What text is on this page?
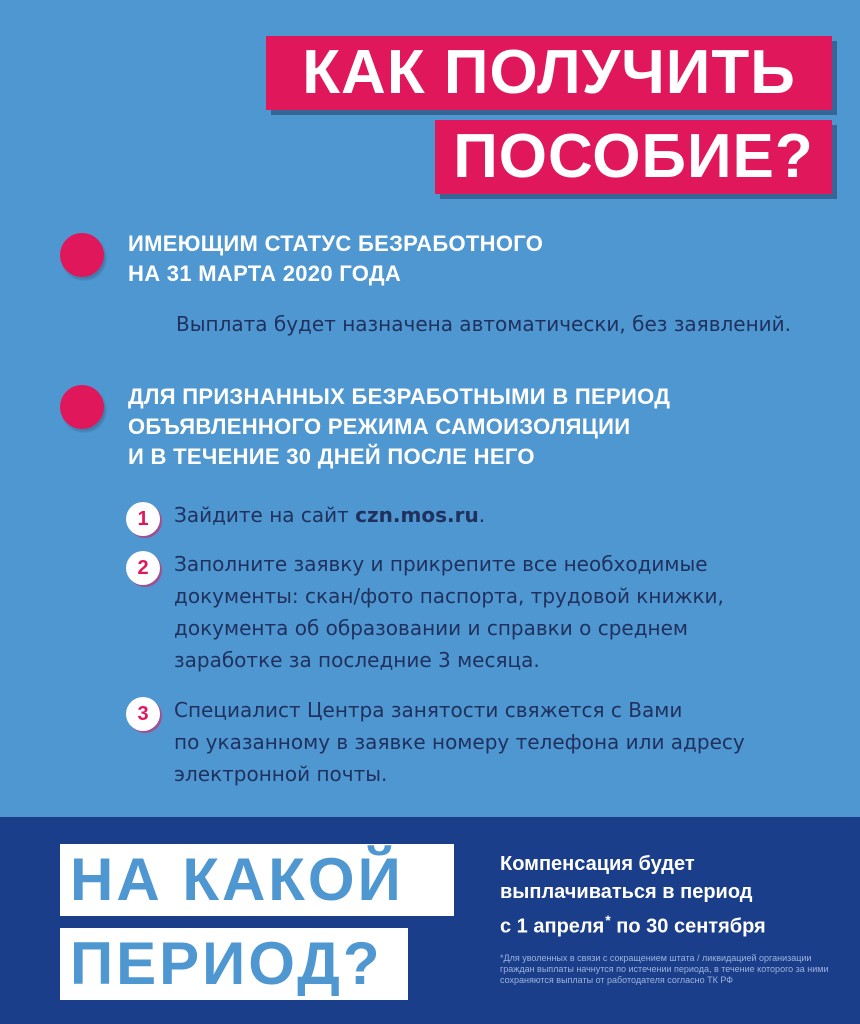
КАК ПОЛУЧИТЬ
ПОСОБИЕ?
ИМЕЮЩИМ СТАТУС БЕЗРАБОТНОГО
НА 31 МАРТА 2020 ГОДА
Выплата будет назначена автоматически, без заявлений.
ДЛЯ ПРИЗНАННЫХ БЕЗРАБОТНЫМИ В ПЕРИОД
ОБЪЯВЛЕННОГО РЕЖИМА САМОИЗОЛЯЦИИ
И В ТЕЧЕНИЕ 30 ДНЕЙ ПОСЛЕ НЕГО
1	Зайдите на сайт czn.mos.ru.
2	Заполните заявку и прикрепите все необходимые
документы: скан/фото паспорта, трудовой книжки,
документа об образовании и справки о среднем
заработке за последние 3 месяца.
3	Специалист Центра занятости свяжется с Вами
по указанному в заявке номеру телефона или адресу
электронной почты.
НА КАКОЙ
ПЕРИОД?
Компенсация будет
выплачиваться в период
с 1 апреля* по 30 сентября
*Для уволенных в связи с сокращением штата / ликвидацией организации граждан выплаты начнутся по истечении периода, в течение которого за ними сохраняются выплаты от работодателя согласно ТК РФ
